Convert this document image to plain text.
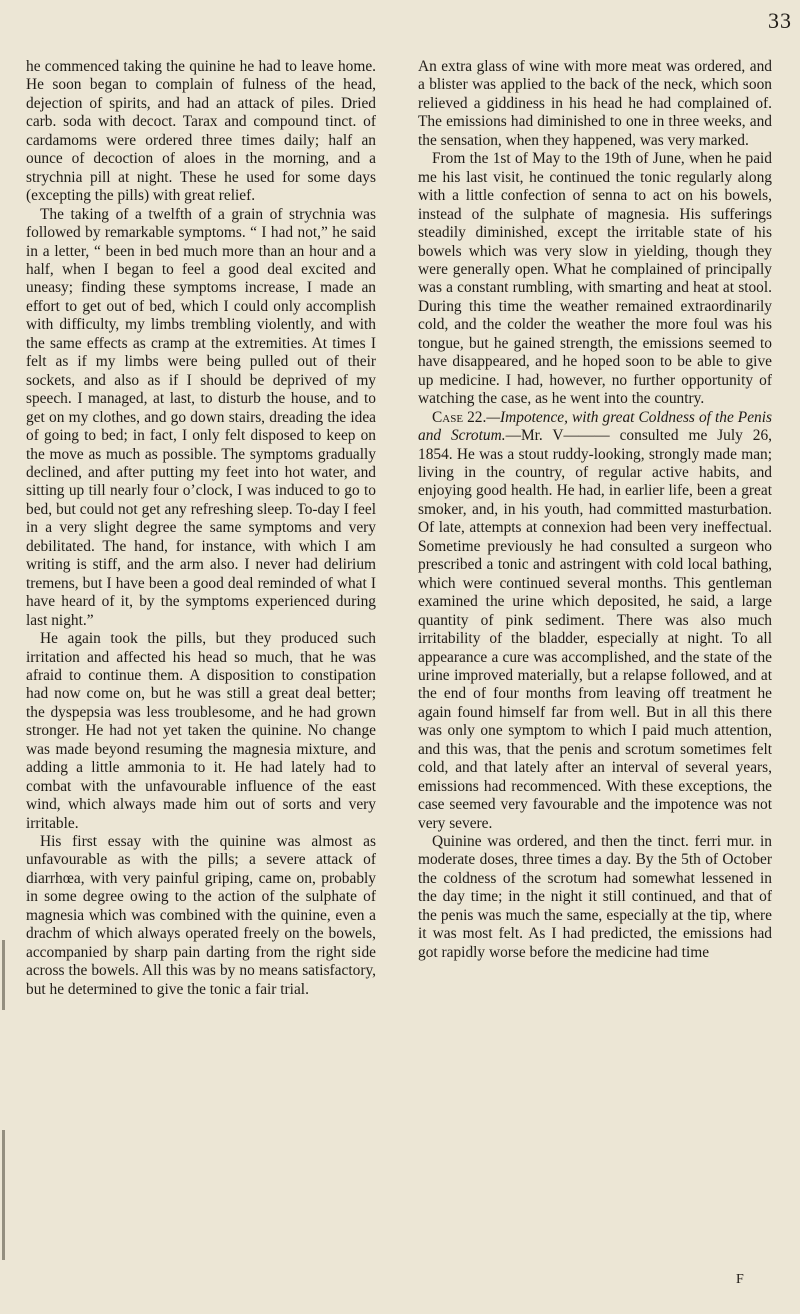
33

he commenced taking the quinine he had to leave home. He soon began to complain of fulness of the head, dejection of spirits, and had an attack of piles. Dried carb. soda with decoct. Tarax and compound tinct. of cardamoms were ordered three times daily; half an ounce of decoction of aloes in the morning, and a strychnia pill at night. These he used for some days (excepting the pills) with great relief.

The taking of a twelfth of a grain of strychnia was followed by remarkable symptoms. “ I had not,” he said in a letter, “ been in bed much more than an hour and a half, when I began to feel a good deal excited and uneasy; finding these symptoms increase, I made an effort to get out of bed, which I could only accomplish with difficulty, my limbs trembling violently, and with the same effects as cramp at the extremities. At times I felt as if my limbs were being pulled out of their sockets, and also as if I should be deprived of my speech. I managed, at last, to disturb the house, and to get on my clothes, and go down stairs, dreading the idea of going to bed; in fact, I only felt disposed to keep on the move as much as possible. The symptoms gradually declined, and after putting my feet into hot water, and sitting up till nearly four o’clock, I was induced to go to bed, but could not get any refreshing sleep. To-day I feel in a very slight degree the same symptoms and very debilitated. The hand, for instance, with which I am writing is stiff, and the arm also. I never had delirium tremens, but I have been a good deal reminded of what I have heard of it, by the symptoms experienced during last night.”

He again took the pills, but they produced such irritation and affected his head so much, that he was afraid to continue them. A disposition to constipation had now come on, but he was still a great deal better; the dyspepsia was less troublesome, and he had grown stronger. He had not yet taken the quinine. No change was made beyond resuming the magnesia mixture, and adding a little ammonia to it. He had lately had to combat with the unfavourable influence of the east wind, which always made him out of sorts and very irritable.

His first essay with the quinine was almost as unfavourable as with the pills; a severe attack of diarrhœa, with very painful griping, came on, probably in some degree owing to the action of the sulphate of magnesia which was combined with the quinine, even a drachm of which always operated freely on the bowels, accompanied by sharp pain darting from the right side across the bowels. All this was by no means satisfactory, but he determined to give the tonic a fair trial.

An extra glass of wine with more meat was ordered, and a blister was applied to the back of the neck, which soon relieved a giddiness in his head he had complained of. The emissions had diminished to one in three weeks, and the sensation, when they happened, was very marked.

From the 1st of May to the 19th of June, when he paid me his last visit, he continued the tonic regularly along with a little confection of senna to act on his bowels, instead of the sulphate of magnesia. His sufferings steadily diminished, except the irritable state of his bowels which was very slow in yielding, though they were generally open. What he complained of principally was a constant rumbling, with smarting and heat at stool. During this time the weather remained extraordinarily cold, and the colder the weather the more foul was his tongue, but he gained strength, the emissions seemed to have disappeared, and he hoped soon to be able to give up medicine. I had, however, no further opportunity of watching the case, as he went into the country.

Case 22.—Impotence, with great Coldness of the Penis and Scrotum.—Mr. V——— consulted me July 26, 1854. He was a stout ruddy-looking, strongly made man; living in the country, of regular active habits, and enjoying good health. He had, in earlier life, been a great smoker, and, in his youth, had committed masturbation. Of late, attempts at connexion had been very ineffectual. Sometime previously he had consulted a surgeon who prescribed a tonic and astringent with cold local bathing, which were continued several months. This gentleman examined the urine which deposited, he said, a large quantity of pink sediment. There was also much irritability of the bladder, especially at night. To all appearance a cure was accomplished, and the state of the urine improved materially, but a relapse followed, and at the end of four months from leaving off treatment he again found himself far from well. But in all this there was only one symptom to which I paid much attention, and this was, that the penis and scrotum sometimes felt cold, and that lately after an interval of several years, emissions had recommenced. With these exceptions, the case seemed very favourable and the impotence was not very severe.

Quinine was ordered, and then the tinct. ferri mur. in moderate doses, three times a day. By the 5th of October the coldness of the scrotum had somewhat lessened in the day time; in the night it still continued, and that of the penis was much the same, especially at the tip, where it was most felt. As I had predicted, the emissions had got rapidly worse before the medicine had time

F
